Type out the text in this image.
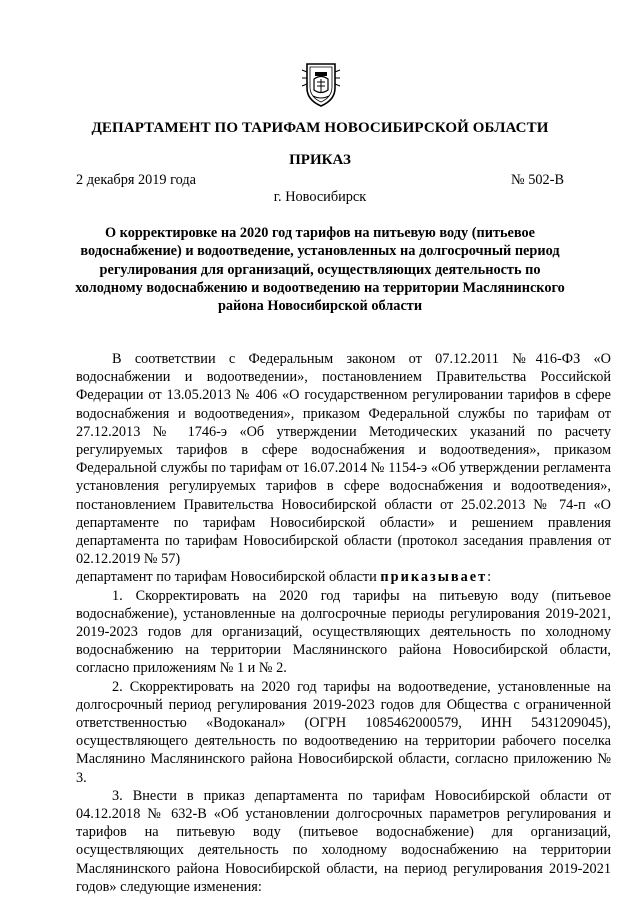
ДЕПАРТАМЕНТ ПО ТАРИФАМ НОВОСИБИРСКОЙ ОБЛАСТИ
ПРИКАЗ
2 декабря 2019 года	№ 502-В
г. Новосибирск
О корректировке на 2020 год тарифов на питьевую воду (питьевое водоснабжение) и водоотведение, установленных на долгосрочный период регулирования для организаций, осуществляющих деятельность по холодному водоснабжению и водоотведению на территории Маслянинского района Новосибирской области

В соответствии с Федеральным законом от 07.12.2011 №416-ФЗ «О водоснабжении и водоотведении», постановлением Правительства Российской Федерации от 13.05.2013 № 406 «О государственном регулировании тарифов в сфере водоснабжения и водоотведения», приказом Федеральной службы по тарифам от 27.12.2013 № 1746-э «Об утверждении Методических указаний по расчету регулируемых тарифов в сфере водоснабжения и водоотведения», приказом Федеральной службы по тарифам от 16.07.2014 № 1154-э «Об утверждении регламента установления регулируемых тарифов в сфере водоснабжения и водоотведения», постановлением Правительства Новосибирской области от 25.02.2013 № 74-п «О департаменте по тарифам Новосибирской области» и решением правления департамента по тарифам Новосибирской области (протокол заседания правления от 02.12.2019 № 57)

департамент по тарифам Новосибирской области приказывает:

1. Скорректировать на 2020 год тарифы на питьевую воду (питьевое водоснабжение), установленные на долгосрочные периоды регулирования 2019-2021, 2019-2023 годов для организаций, осуществляющих деятельность по холодному водоснабжению на территории Маслянинского района Новосибирской области, согласно приложениям № 1 и № 2.

2. Скорректировать на 2020 год тарифы на водоотведение, установленные на долгосрочный период регулирования 2019-2023 годов для Общества с ограниченной ответственностью «Водоканал» (ОГРН 1085462000579, ИНН 5431209045), осуществляющего деятельность по водоотведению на территории рабочего поселка Маслянино Маслянинского района Новосибирской области, согласно приложению № 3.

3. Внести в приказ департамента по тарифам Новосибирской области от 04.12.2018 № 632-В «Об установлении долгосрочных параметров регулирования и тарифов на питьевую воду (питьевое водоснабжение) для организаций, осуществляющих деятельность по холодному водоснабжению на территории Маслянинского района Новосибирской области, на период регулирования 2019-2021 годов» следующие изменения:
